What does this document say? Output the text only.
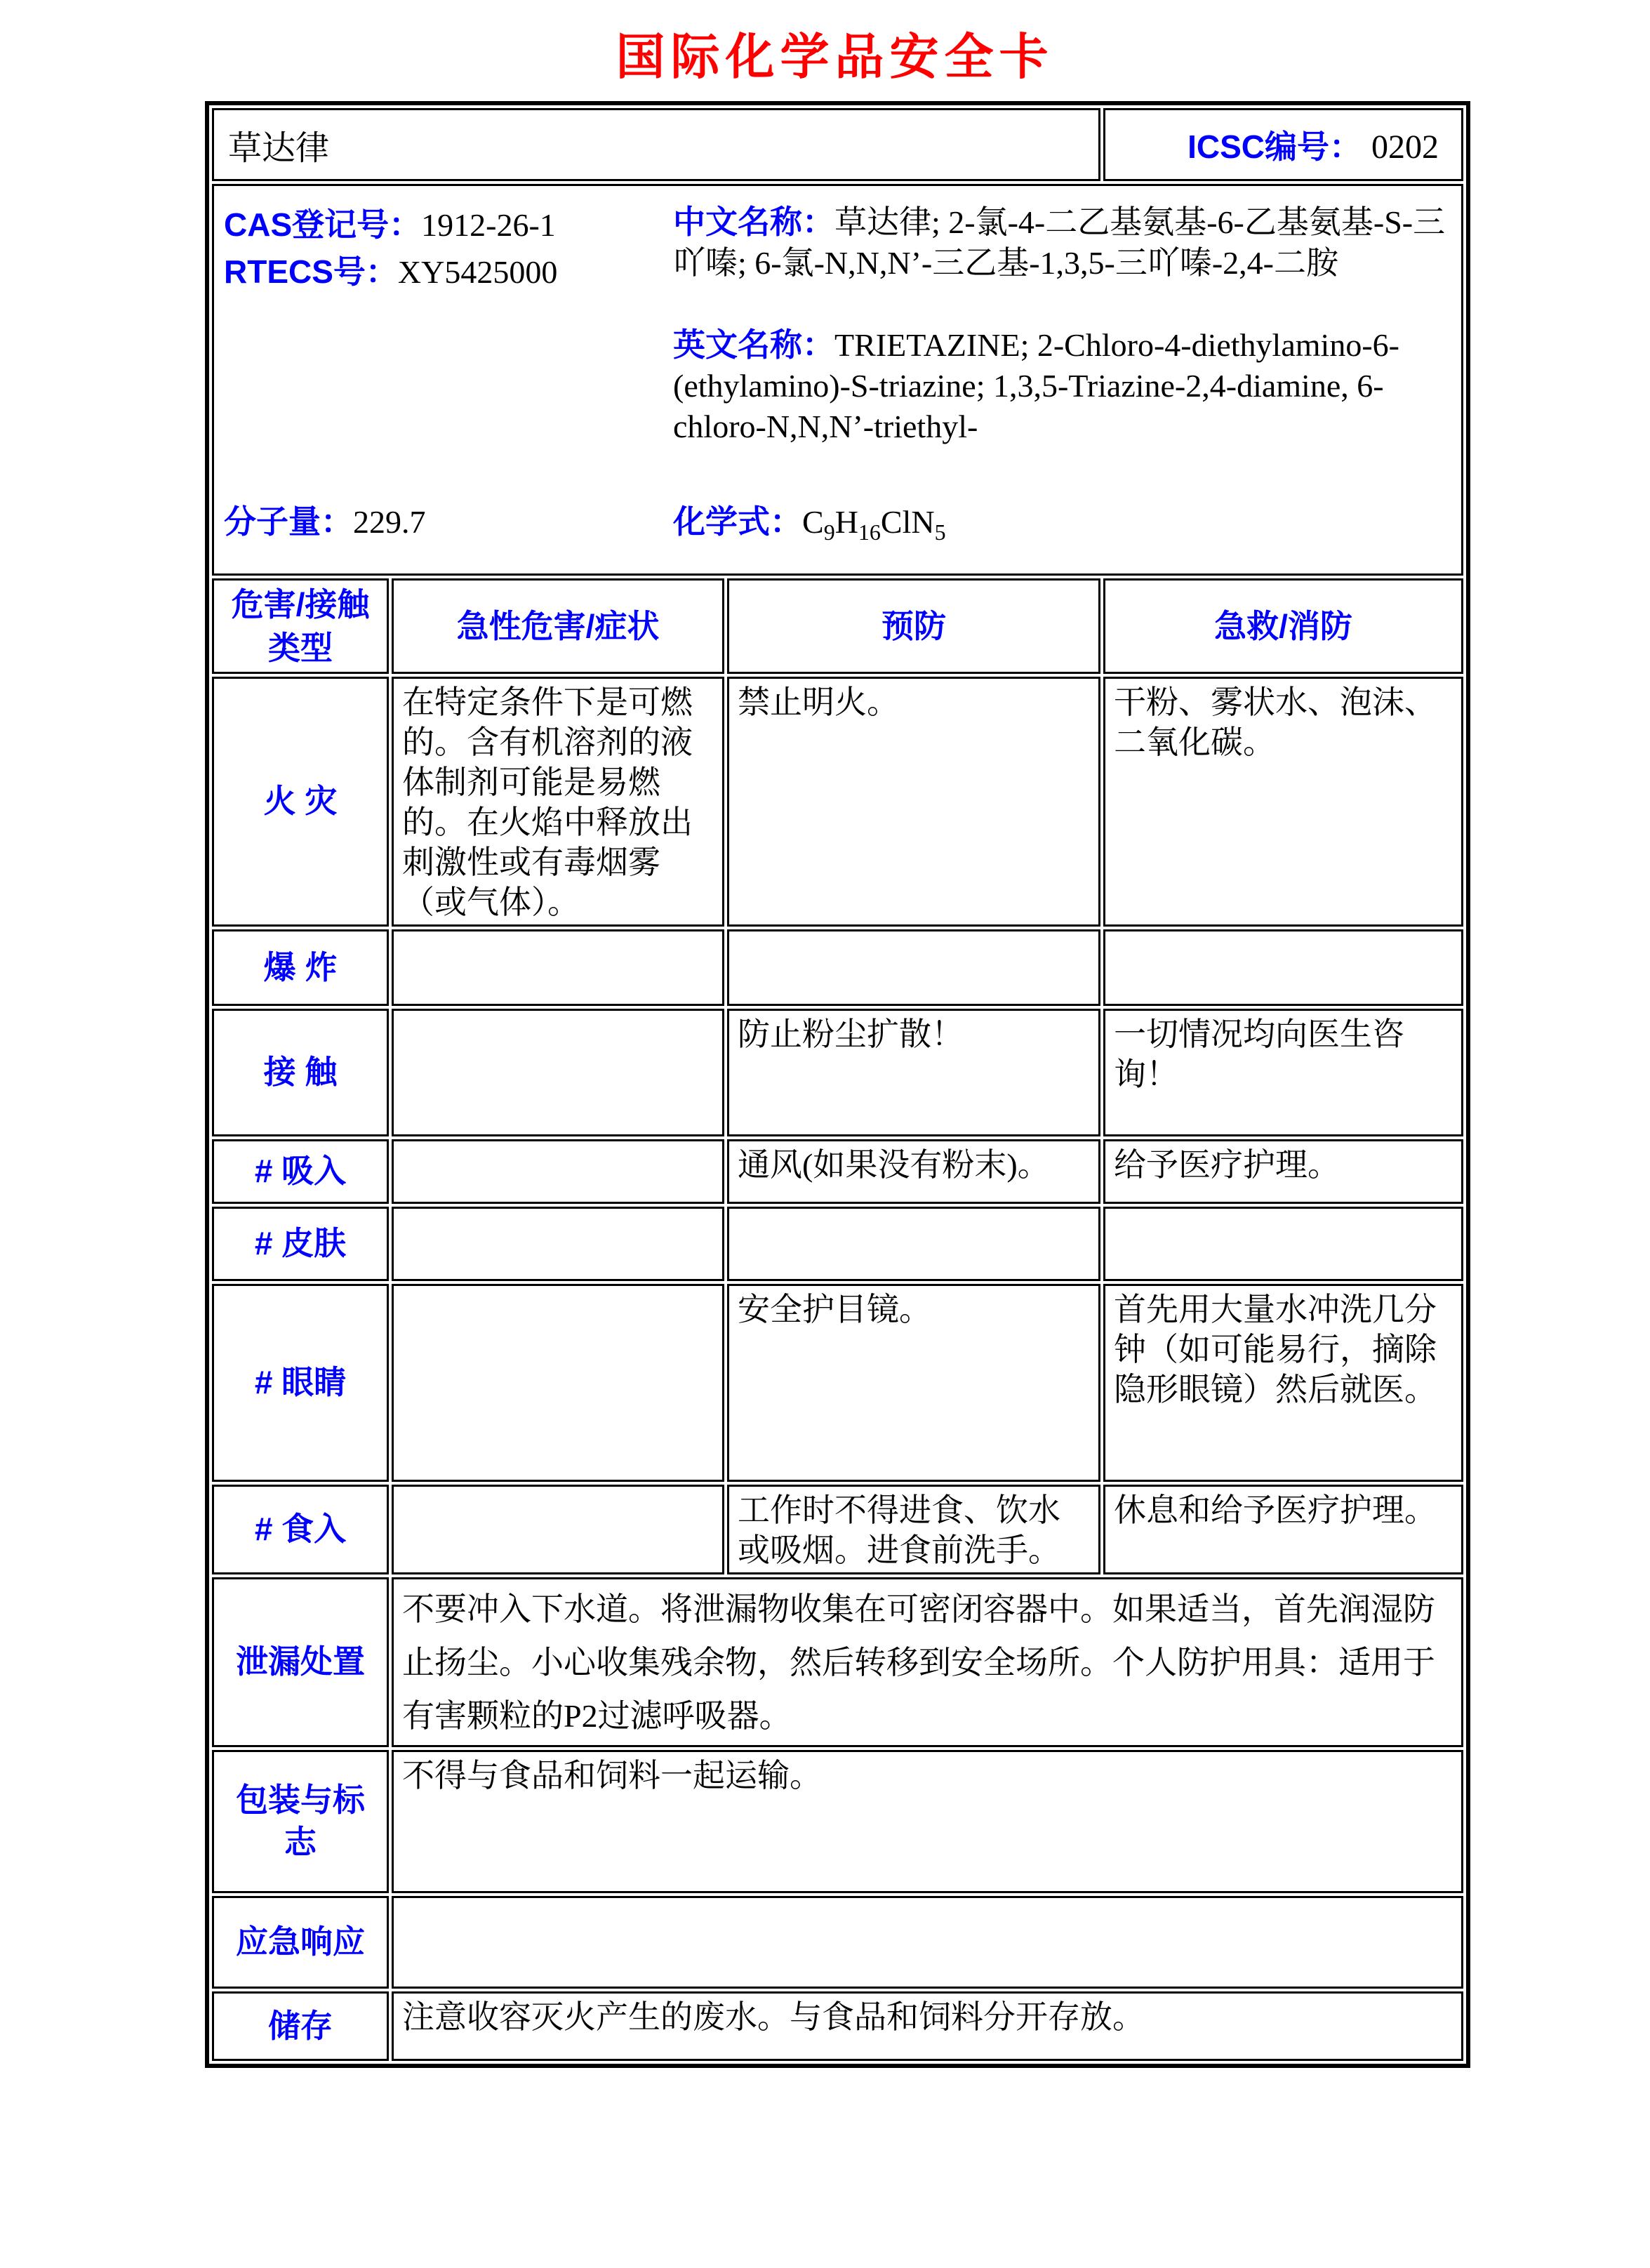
国际化学品安全卡
草达律			ICSC编号： 0202

CAS登记号：1912-26-1
RTECS号：XY5425000

中文名称：草达律; 2-氯-4-二乙基氨基-6-乙基氨基-S-三吖嗪; 6-氯-N,N,N’-三乙基-1,3,5-三吖嗪-2,4-二胺

英文名称：TRIETAZINE; 2-Chloro-4-diethylamino-6-(ethylamino)-S-triazine; 1,3,5-Triazine-2,4-diamine, 6-chloro-N,N,N’-triethyl-

分子量：229.7	化学式：$C_9H_{16}ClN_5$

危害/接触类型	急性危害/症状	预防	急救/消防
火 灾	在特定条件下是可燃的。含有机溶剂的液体制剂可能是易燃的。在火焰中释放出刺激性或有毒烟雾（或气体）。	禁止明火。	干粉、雾状水、泡沫、二氧化碳。
爆 炸			
接 触		防止粉尘扩散！	一切情况均向医生咨询！
# 吸入		通风(如果没有粉末)。	给予医疗护理。
# 皮肤			
# 眼睛		安全护目镜。	首先用大量水冲洗几分钟（如可能易行，摘除隐形眼镜）然后就医。
# 食入		工作时不得进食、饮水或吸烟。进食前洗手。	休息和给予医疗护理。
泄漏处置	不要冲入下水道。将泄漏物收集在可密闭容器中。如果适当，首先润湿防止扬尘。小心收集残余物，然后转移到安全场所。个人防护用具：适用于有害颗粒的P2过滤呼吸器。		
包装与标志	不得与食品和饲料一起运输。		
应急响应			
储存	注意收容灭火产生的废水。与食品和饲料分开存放。		
